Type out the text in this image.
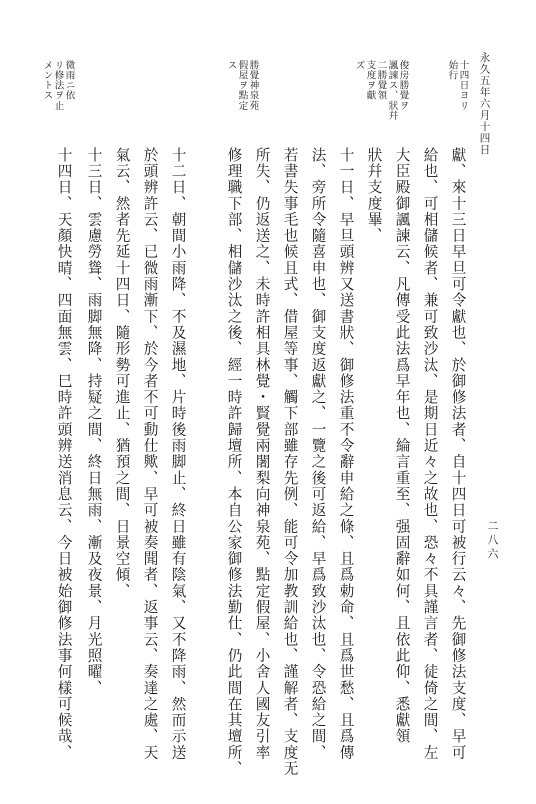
永久五年六月十四日
二八六
十四日ヨリ
始行
俊房勝覺ヲ
諷諫ス、狀幷
二勝覺領
支度ヲ獻
ズ
勝覺神泉苑
假屋ヲ點定
ス
微雨ニ依
リ修法ヲ止
メントス
獻、來十三日早旦可令獻也、於御修法者、自十四日可被行云々、先御修法支度、早可
給也、可相儲候者、兼可致沙汰、是期日近々之故也、恐々不具謹言者、徒倚之間、左
大臣殿御諷諫云、凡傳受此法爲早年也、綸言重至、强固辭如何、且依此仰、悉獻領
狀幷支度畢、
十一日、早旦頭辨又送書狀、御修法重不令辭申給之條、且爲勅命、且爲世愁、且爲傳
法、旁所令隨喜申也、御支度返獻之、一覽之後可返給、早爲致沙汰也、令恐給之間、
若書失事毛也候且式、借屋等事、觸下部雖存先例、能可令加教訓給也、謹解者、支度无
所失、仍返送之、未時許相具林覺・賢覺兩闍梨向神泉苑、點定假屋、小舍人國友引率
修理職下部、相儲沙汰之後、經一時許歸壇所、本自公家御修法勤仕、仍此間在其壇所、
十二日、朝間小雨降、不及濕地、片時後雨脚止、終日雖有陰氣、又不降雨、然而示送
於頭辨許云、已微雨漸下、於今者不可動仕歟、早可被奏聞者、返事云、奏達之處、天
氣云、然者先延十四日、隨形勢可進止、猶預之間、日景空傾、
十三日、雲慮勞聳、雨脚無降、持疑之間、終日無雨、漸及夜景、月光照曜、
十四日、天顏快晴、四面無雲、巳時許頭辨送消息云、今日被始御修法事何樣可候哉、
